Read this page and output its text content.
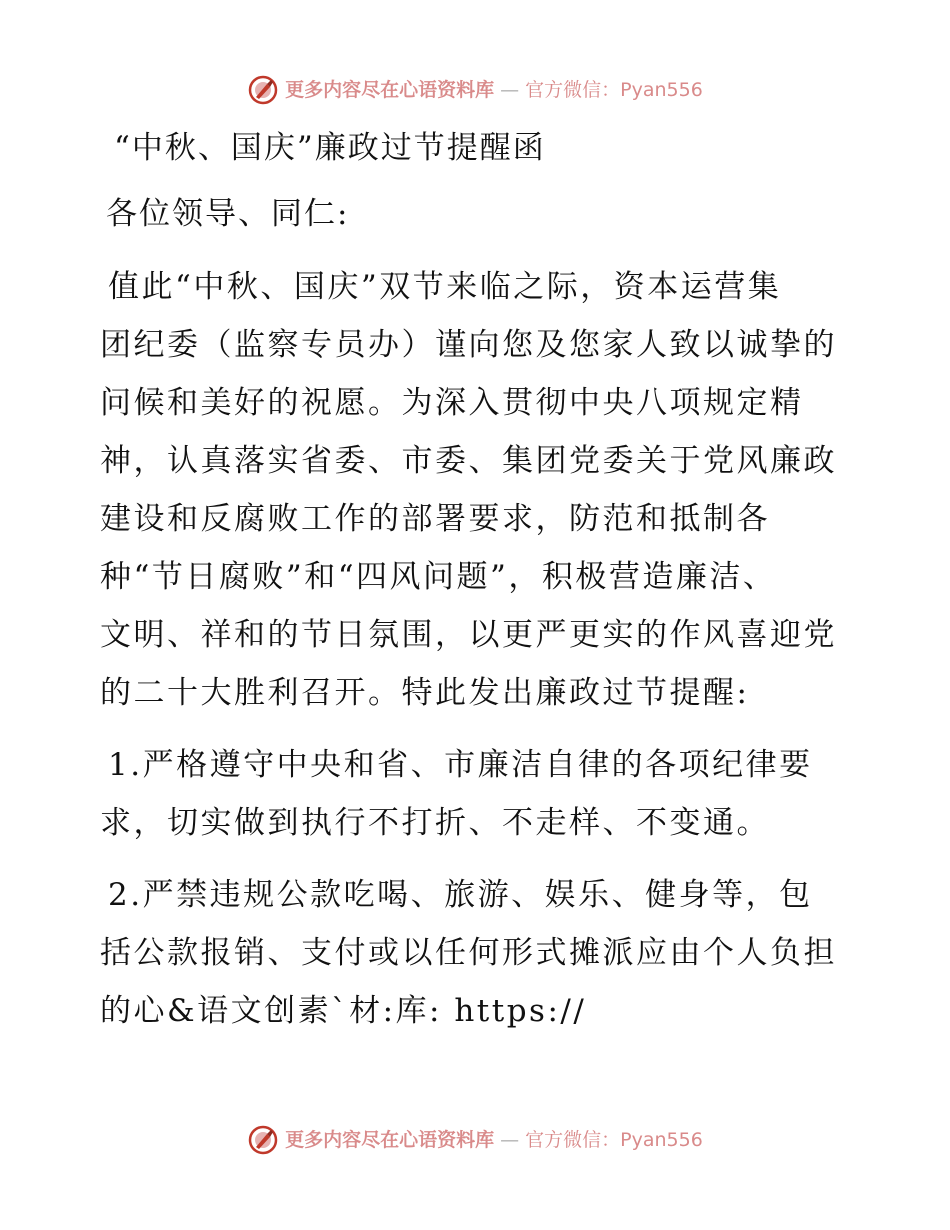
更多内容尽在心语资料库 — 官方微信：Pyan556
“中秋、国庆”廉政过节提醒函
各位领导、同仁:
值此“中秋、国庆”双节来临之际，资本运营集
团纪委（监察专员办）谨向您及您家人致以诚挚的
问候和美好的祝愿。为深入贯彻中央八项规定精
神，认真落实省委、市委、集团党委关于党风廉政
建设和反腐败工作的部署要求，防范和抵制各
种“节日腐败”和“四风问题”，积极营造廉洁、
文明、祥和的节日氛围，以更严更实的作风喜迎党
的二十大胜利召开。特此发出廉政过节提醒:
1.严格遵守中央和省、市廉洁自律的各项纪律要
求，切实做到执行不打折、不走样、不变通。
2.严禁违规公款吃喝、旅游、娱乐、健身等，包
括公款报销、支付或以任何形式摊派应由个人负担
的心&语文创素`材:库: https://
更多内容尽在心语资料库 — 官方微信：Pyan556
